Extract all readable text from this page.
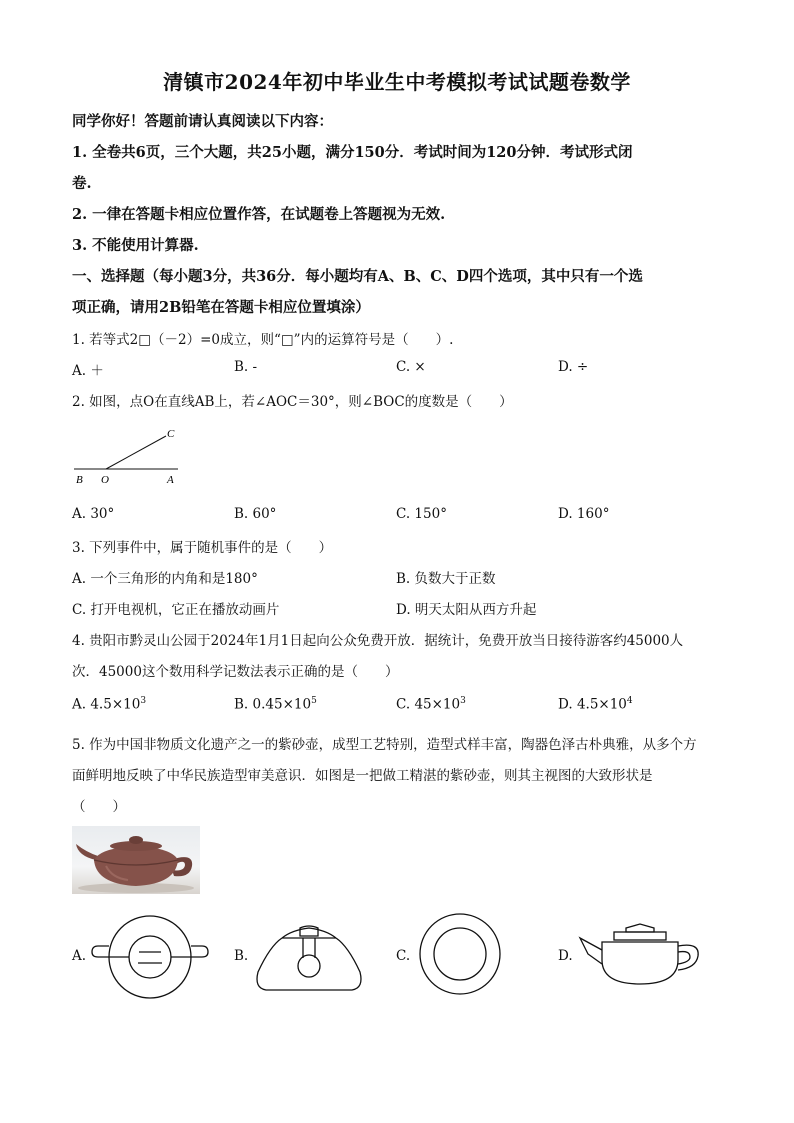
清镇市2024年初中毕业生中考模拟考试试题卷数学
同学你好！答题前请认真阅读以下内容：
1. 全卷共6页，三个大题，共25小题，满分150分．考试时间为120分钟．考试形式闭
卷.
2. 一律在答题卡相应位置作答，在试题卷上答题视为无效.
3. 不能使用计算器.
一、选择题（每小题3分，共36分．每小题均有A、B、C、D四个选项，其中只有一个选
项正确，请用2B铅笔在答题卡相应位置填涂）
1. 若等式2□（－2）=0成立，则“□”内的运算符号是（　　）.
A. ＋	B. -	C. ×	D. ÷
2. 如图，点O在直线AB上，若∠AOC＝30°，则∠BOC的度数是（　　）
C
B O	A
A. 30°	B. 60°	C. 150°	D. 160°
3. 下列事件中，属于随机事件的是（　　）
A. 一个三角形的内角和是180°	B. 负数大于正数
C. 打开电视机，它正在播放动画片	D. 明天太阳从西方升起
4. 贵阳市黔灵山公园于2024年1月1日起向公众免费开放．据统计，免费开放当日接待游客约45000人
次．45000这个数用科学记数法表示正确的是（　　）
A. $4.5\times 10^3$	B. $0.45\times 10^5$	C. $45\times 10^3$	D. $4.5\times 10^4$
5. 作为中国非物质文化遗产之一的紫砂壶，成型工艺特别，造型式样丰富，陶器色泽古朴典雅，从多个方
面鲜明地反映了中华民族造型审美意识．如图是一把做工精湛的紫砂壶，则其主视图的大致形状是
（　　）
A.	B.	C.	D.
